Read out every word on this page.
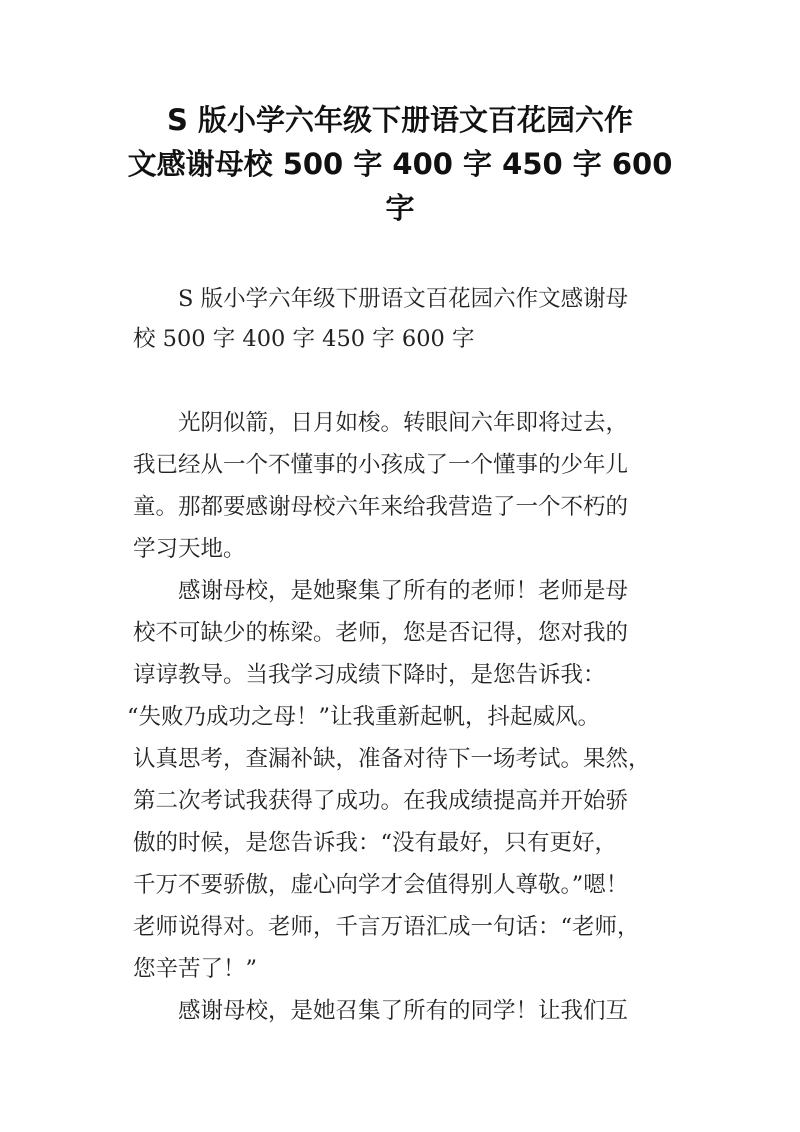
S 版小学六年级下册语文百花园六作
文感谢母校 500 字 400 字 450 字 600
字
S 版小学六年级下册语文百花园六作文感谢母
校 500 字 400 字 450 字 600 字
光阴似箭，日月如梭。转眼间六年即将过去，
我已经从一个不懂事的小孩成了一个懂事的少年儿
童。那都要感谢母校六年来给我营造了一个不朽的
学习天地。
感谢母校，是她聚集了所有的老师！老师是母
校不可缺少的栋梁。老师，您是否记得，您对我的
谆谆教导。当我学习成绩下降时，是您告诉我：
“失败乃成功之母！”让我重新起帆，抖起威风。
认真思考，查漏补缺，准备对待下一场考试。果然，
第二次考试我获得了成功。在我成绩提高并开始骄
傲的时候，是您告诉我：“没有最好，只有更好，
千万不要骄傲，虚心向学才会值得别人尊敬。”嗯！
老师说得对。老师，千言万语汇成一句话：“老师，
您辛苦了！”
感谢母校，是她召集了所有的同学！让我们互
